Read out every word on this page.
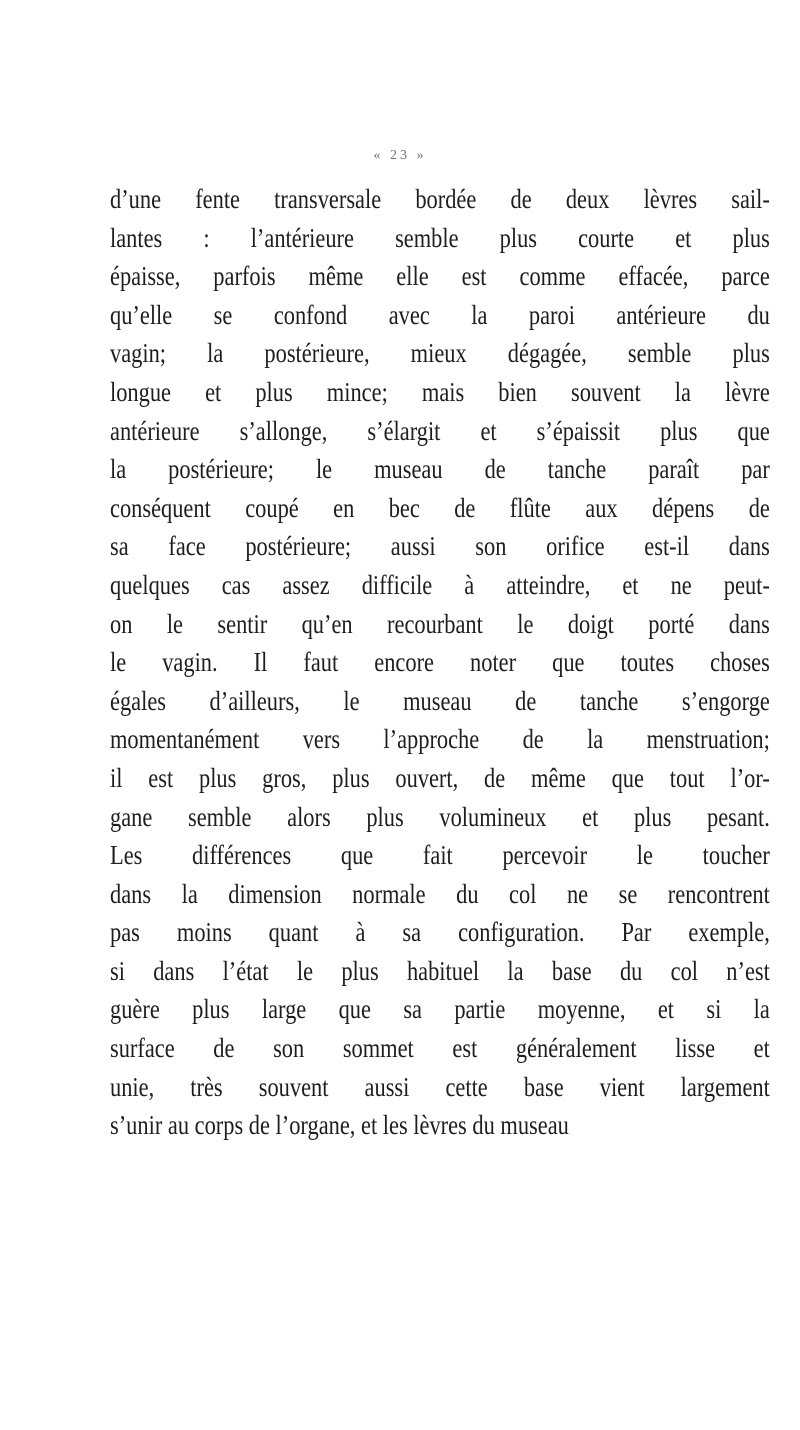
« 23 »
d’une fente transversale bordée de deux lèvres sail-
lantes : l’antérieure semble plus courte et plus
épaisse, parfois même elle est comme effacée, parce
qu’elle se confond avec la paroi antérieure du
vagin; la postérieure, mieux dégagée, semble plus
longue et plus mince; mais bien souvent la lèvre
antérieure s’allonge, s’élargit et s’épaissit plus que
la postérieure; le museau de tanche paraît par
conséquent coupé en bec de flûte aux dépens de
sa face postérieure; aussi son orifice est-il dans
quelques cas assez difficile à atteindre, et ne peut-
on le sentir qu’en recourbant le doigt porté dans
le vagin. Il faut encore noter que toutes choses
égales d’ailleurs, le museau de tanche s’engorge
momentanément vers l’approche de la menstruation;
il est plus gros, plus ouvert, de même que tout l’or-
gane semble alors plus volumineux et plus pesant.
Les différences que fait percevoir le toucher
dans la dimension normale du col ne se rencontrent
pas moins quant à sa configuration. Par exemple,
si dans l’état le plus habituel la base du col n’est
guère plus large que sa partie moyenne, et si la
surface de son sommet est généralement lisse et
unie, très souvent aussi cette base vient largement
s’unir au corps de l’organe, et les lèvres du museau
